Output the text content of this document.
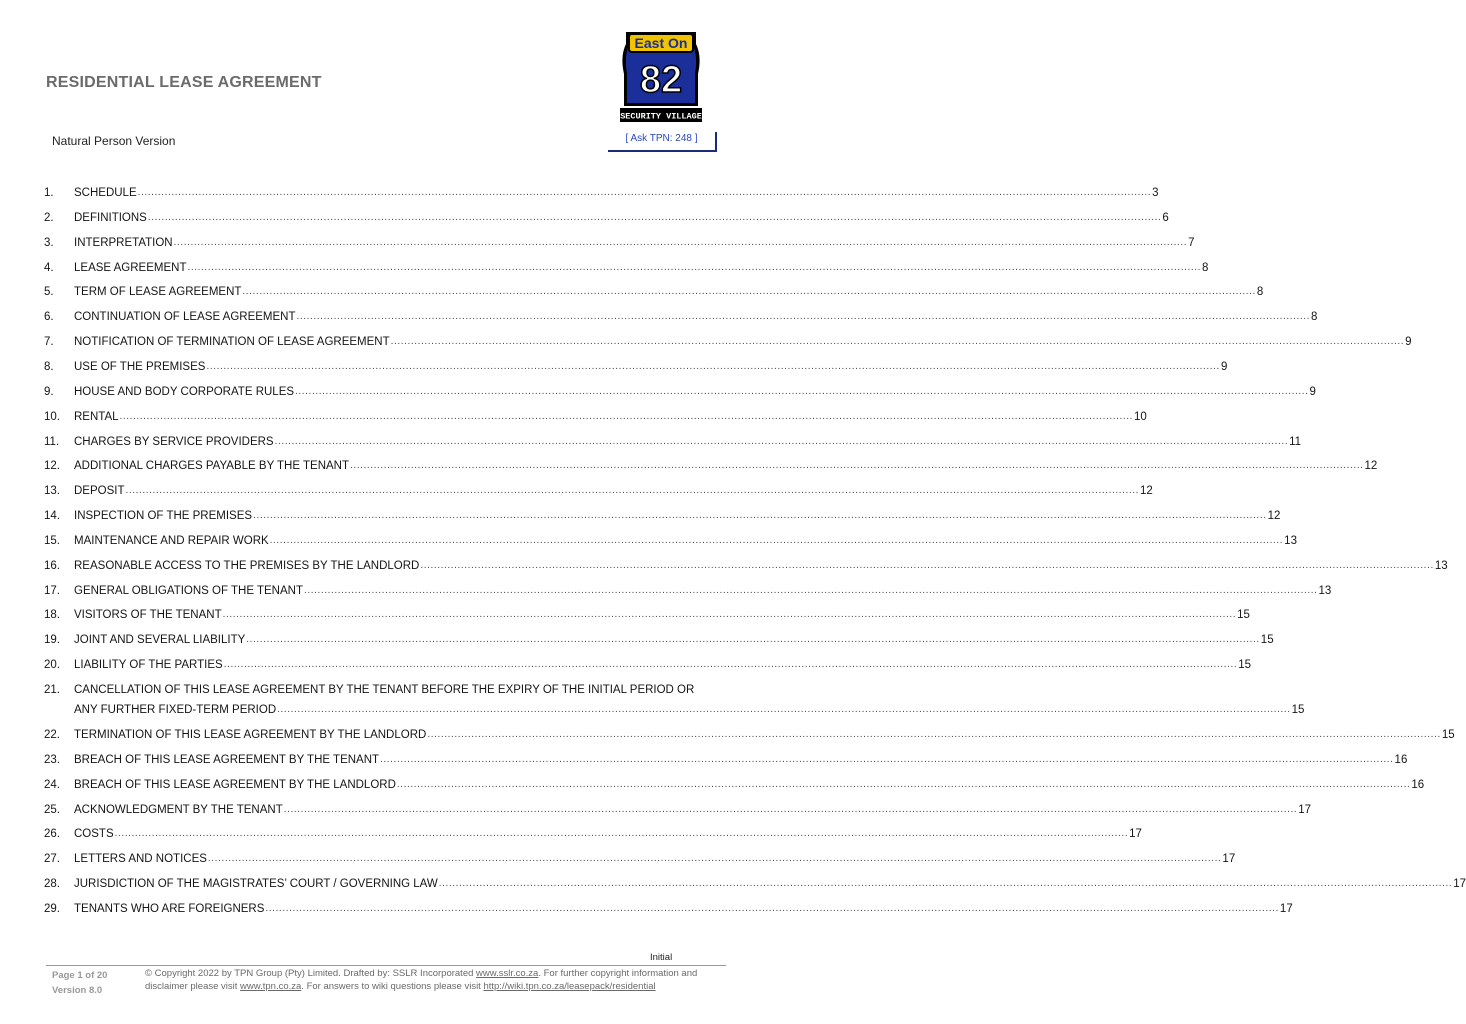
RESIDENTIAL LEASE AGREEMENT
Natural Person Version
East On
82
SECURITY VILLAGE
[ Ask TPN: 248 ]
1.	SCHEDULE ............................................................................................................................................................................................................................................................................................................ 3
2.	DEFINITIONS ............................................................................................................................................................................................................................................................................................................ 6
3.	INTERPRETATION ............................................................................................................................................................................................................................................................................................................ 7
4.	LEASE AGREEMENT ............................................................................................................................................................................................................................................................................................................ 8
5.	TERM OF LEASE AGREEMENT ............................................................................................................................................................................................................................................................................................................ 8
6.	CONTINUATION OF LEASE AGREEMENT ............................................................................................................................................................................................................................................................................................................ 8
7.	NOTIFICATION OF TERMINATION OF LEASE AGREEMENT ............................................................................................................................................................................................................................................................................................................ 9
8.	USE OF THE PREMISES ............................................................................................................................................................................................................................................................................................................ 9
9.	HOUSE AND BODY CORPORATE RULES ............................................................................................................................................................................................................................................................................................................ 9
10.	RENTAL ............................................................................................................................................................................................................................................................................................................ 10
11.	CHARGES BY SERVICE PROVIDERS ............................................................................................................................................................................................................................................................................................................ 11
12.	ADDITIONAL CHARGES PAYABLE BY THE TENANT ............................................................................................................................................................................................................................................................................................................ 12
13.	DEPOSIT ............................................................................................................................................................................................................................................................................................................ 12
14.	INSPECTION OF THE PREMISES ............................................................................................................................................................................................................................................................................................................ 12
15.	MAINTENANCE AND REPAIR WORK ............................................................................................................................................................................................................................................................................................................ 13
16.	REASONABLE ACCESS TO THE PREMISES BY THE LANDLORD ............................................................................................................................................................................................................................................................................................................ 13
17.	GENERAL OBLIGATIONS OF THE TENANT ............................................................................................................................................................................................................................................................................................................ 13
18.	VISITORS OF THE TENANT ............................................................................................................................................................................................................................................................................................................ 15
19.	JOINT AND SEVERAL LIABILITY ............................................................................................................................................................................................................................................................................................................ 15
20.	LIABILITY OF THE PARTIES ............................................................................................................................................................................................................................................................................................................ 15
21.	CANCELLATION OF THIS LEASE AGREEMENT BY THE TENANT BEFORE THE EXPIRY OF THE INITIAL PERIOD OR
ANY FURTHER FIXED-TERM PERIOD ............................................................................................................................................................................................................................................................................................................ 15
22.	TERMINATION OF THIS LEASE AGREEMENT BY THE LANDLORD ............................................................................................................................................................................................................................................................................................................ 15
23.	BREACH OF THIS LEASE AGREEMENT BY THE TENANT ............................................................................................................................................................................................................................................................................................................ 16
24.	BREACH OF THIS LEASE AGREEMENT BY THE LANDLORD ............................................................................................................................................................................................................................................................................................................ 16
25.	ACKNOWLEDGMENT BY THE TENANT ............................................................................................................................................................................................................................................................................................................ 17
26.	COSTS ............................................................................................................................................................................................................................................................................................................ 17
27.	LETTERS AND NOTICES ............................................................................................................................................................................................................................................................................................................ 17
28.	JURISDICTION OF THE MAGISTRATES’ COURT / GOVERNING LAW ............................................................................................................................................................................................................................................................................................................ 17
29.	TENANTS WHO ARE FOREIGNERS ............................................................................................................................................................................................................................................................................................................ 17
Initial
Page 1 of 20
Version 8.0
© Copyright 2022 by TPN Group (Pty) Limited. Drafted by: SSLR Incorporated www.sslr.co.za. For further copyright information and disclaimer please visit www.tpn.co.za. For answers to wiki questions please visit http://wiki.tpn.co.za/leasepack/residential
